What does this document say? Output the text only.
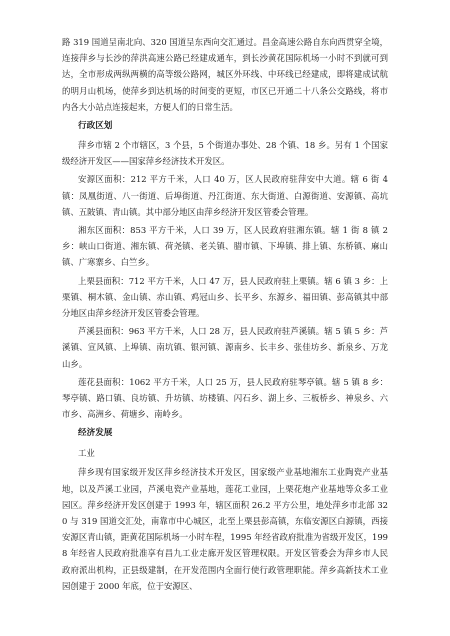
路 319 国道呈南北向、320 国道呈东西向交汇通过。昌金高速公路自东向西贯穿全境，连接萍乡与长沙的萍洪高速公路已经建成通车，到长沙黄花国际机场一小时不到就可到达，全市形成两纵两横的高等级公路网，城区外环线、中环线已经建成，即将建成试航的明月山机场，使萍乡到达机场的时间变的更短，市区已开通二十八条公交路线，将市内各大小站点连接起来，方便人们的日常生活。

行政区划

萍乡市辖 2 个市辖区，3 个县，5 个街道办事处、28 个镇、18 乡。另有 1 个国家级经济开发区——国家萍乡经济技术开发区。

安源区面积：212 平方千米，人口 40 万，区人民政府驻萍安中大道。辖 6 街 4 镇：凤凰街道、八一街道、后埠街道、丹江街道、东大街道、白源街道、安源镇、高坑镇、五陂镇、青山镇。其中部分地区由萍乡经济开发区管委会管理。

湘东区面积：853 平方千米，人口 39 万，区人民政府驻湘东镇。辖 1 街 8 镇 2 乡：峡山口街道、湘东镇、荷尧镇、老关镇、腊市镇、下埠镇、排上镇、东桥镇、麻山镇、广寒寨乡、白竺乡。

上栗县面积：712 平方千米，人口 47 万，县人民政府驻上栗镇。辖 6 镇 3 乡：上栗镇、桐木镇、金山镇、赤山镇、鸡冠山乡、长平乡、东源乡、福田镇、彭高镇其中部分地区由萍乡经济开发区管委会管理。

芦溪县面积：963 平方千米，人口 28 万，县人民政府驻芦溪镇。辖 5 镇 5 乡：芦溪镇、宣风镇、上埠镇、南坑镇、银河镇、源南乡、长丰乡、张佳坊乡、新泉乡、万龙山乡。

莲花县面积：1062 平方千米，人口 25 万，县人民政府驻琴亭镇。辖 5 镇 8 乡：琴亭镇、路口镇、良坊镇、升坊镇、坊楼镇、闪石乡、湖上乡、三板桥乡、神泉乡、六市乡、高洲乡、荷塘乡、南岭乡。

经济发展
工业

萍乡现有国家级开发区萍乡经济技术开发区，国家级产业基地湘东工业陶瓷产业基地，以及芦溪工业园，芦溪电瓷产业基地，莲花工业园，上栗花炮产业基地等众多工业园区。萍乡经济开发区创建于 1993 年，辖区面积 26.2 平方公里，地处萍乡市北部 320 与 319 国道交汇处，南靠市中心城区，北至上栗县彭高镇，东临安源区白源镇，西接安源区青山镇，距黄花国际机场一小时车程，1995 年经省政府批准为省级开发区，1998 年经省人民政府批准享有昌九工业走廊开发区管理权限。开发区管委会为萍乡市人民政府派出机构，正县级建制，在开发范围内全面行使行政管理职能。萍乡高新技术工业园创建于 2000 年底，位于安源区、
